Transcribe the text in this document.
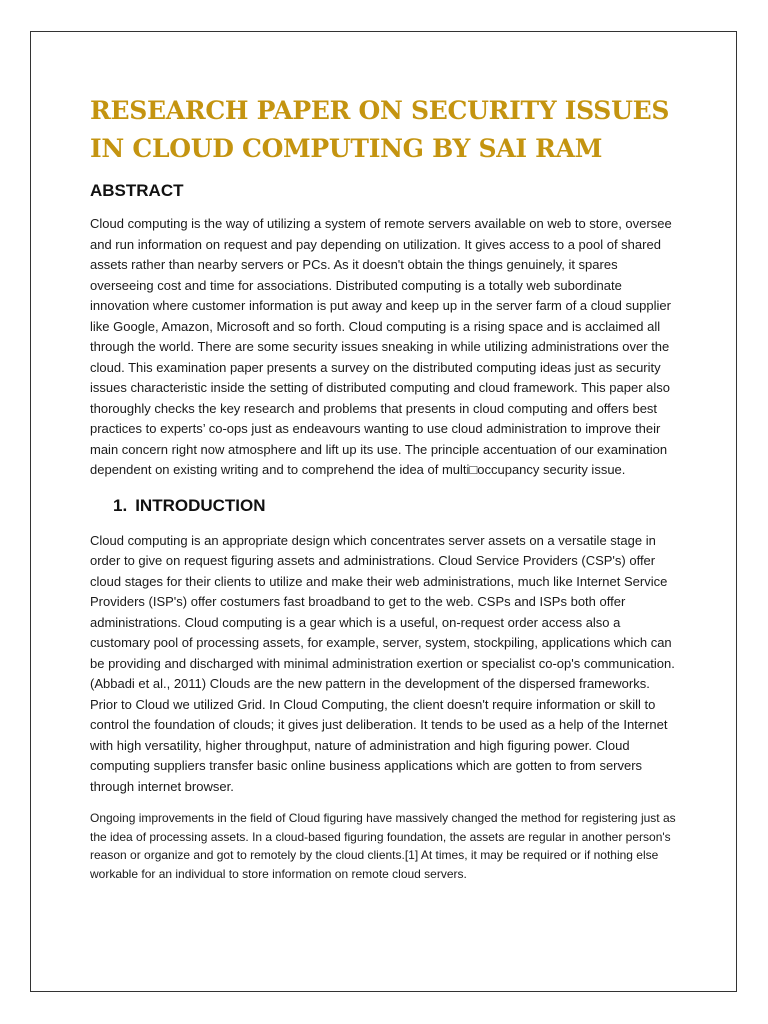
RESEARCH PAPER ON SECURITY ISSUES IN CLOUD COMPUTING BY SAI RAM
ABSTRACT

Cloud computing is the way of utilizing a system of remote servers available on web to store, oversee and run information on request and pay depending on utilization. It gives access to a pool of shared assets rather than nearby servers or PCs. As it doesn't obtain the things genuinely, it spares overseeing cost and time for associations. Distributed computing is a totally web subordinate innovation where customer information is put away and keep up in the server farm of a cloud supplier like Google, Amazon, Microsoft and so forth. Cloud computing is a rising space and is acclaimed all through the world. There are some security issues sneaking in while utilizing administrations over the cloud. This examination paper presents a survey on the distributed computing ideas just as security issues characteristic inside the setting of distributed computing and cloud framework. This paper also thoroughly checks the key research and problems that presents in cloud computing and offers best practices to experts’ co-ops just as endeavours wanting to use cloud administration to improve their main concern right now atmosphere and lift up its use. The principle accentuation of our examination dependent on existing writing and to comprehend the idea of multi□occupancy security issue.

1. INTRODUCTION

Cloud computing is an appropriate design which concentrates server assets on a versatile stage in order to give on request figuring assets and administrations. Cloud Service Providers (CSP's) offer cloud stages for their clients to utilize and make their web administrations, much like Internet Service Providers (ISP's) offer costumers fast broadband to get to the web. CSPs and ISPs both offer administrations. Cloud computing is a gear which is a useful, on-request order access also a customary pool of processing assets, for example, server, system, stockpiling, applications which can be providing and discharged with minimal administration exertion or specialist co-op's communication.(Abbadi et al., 2011) Clouds are the new pattern in the development of the dispersed frameworks. Prior to Cloud we utilized Grid. In Cloud Computing, the client doesn't require information or skill to control the foundation of clouds; it gives just deliberation. It tends to be used as a help of the Internet with high versatility, higher throughput, nature of administration and high figuring power. Cloud computing suppliers transfer basic online business applications which are gotten to from servers through internet browser.

Ongoing improvements in the field of Cloud figuring have massively changed the method for registering just as the idea of processing assets. In a cloud-based figuring foundation, the assets are regular in another person's reason or organize and got to remotely by the cloud clients.[1] At times, it may be required or if nothing else workable for an individual to store information on remote cloud servers.
